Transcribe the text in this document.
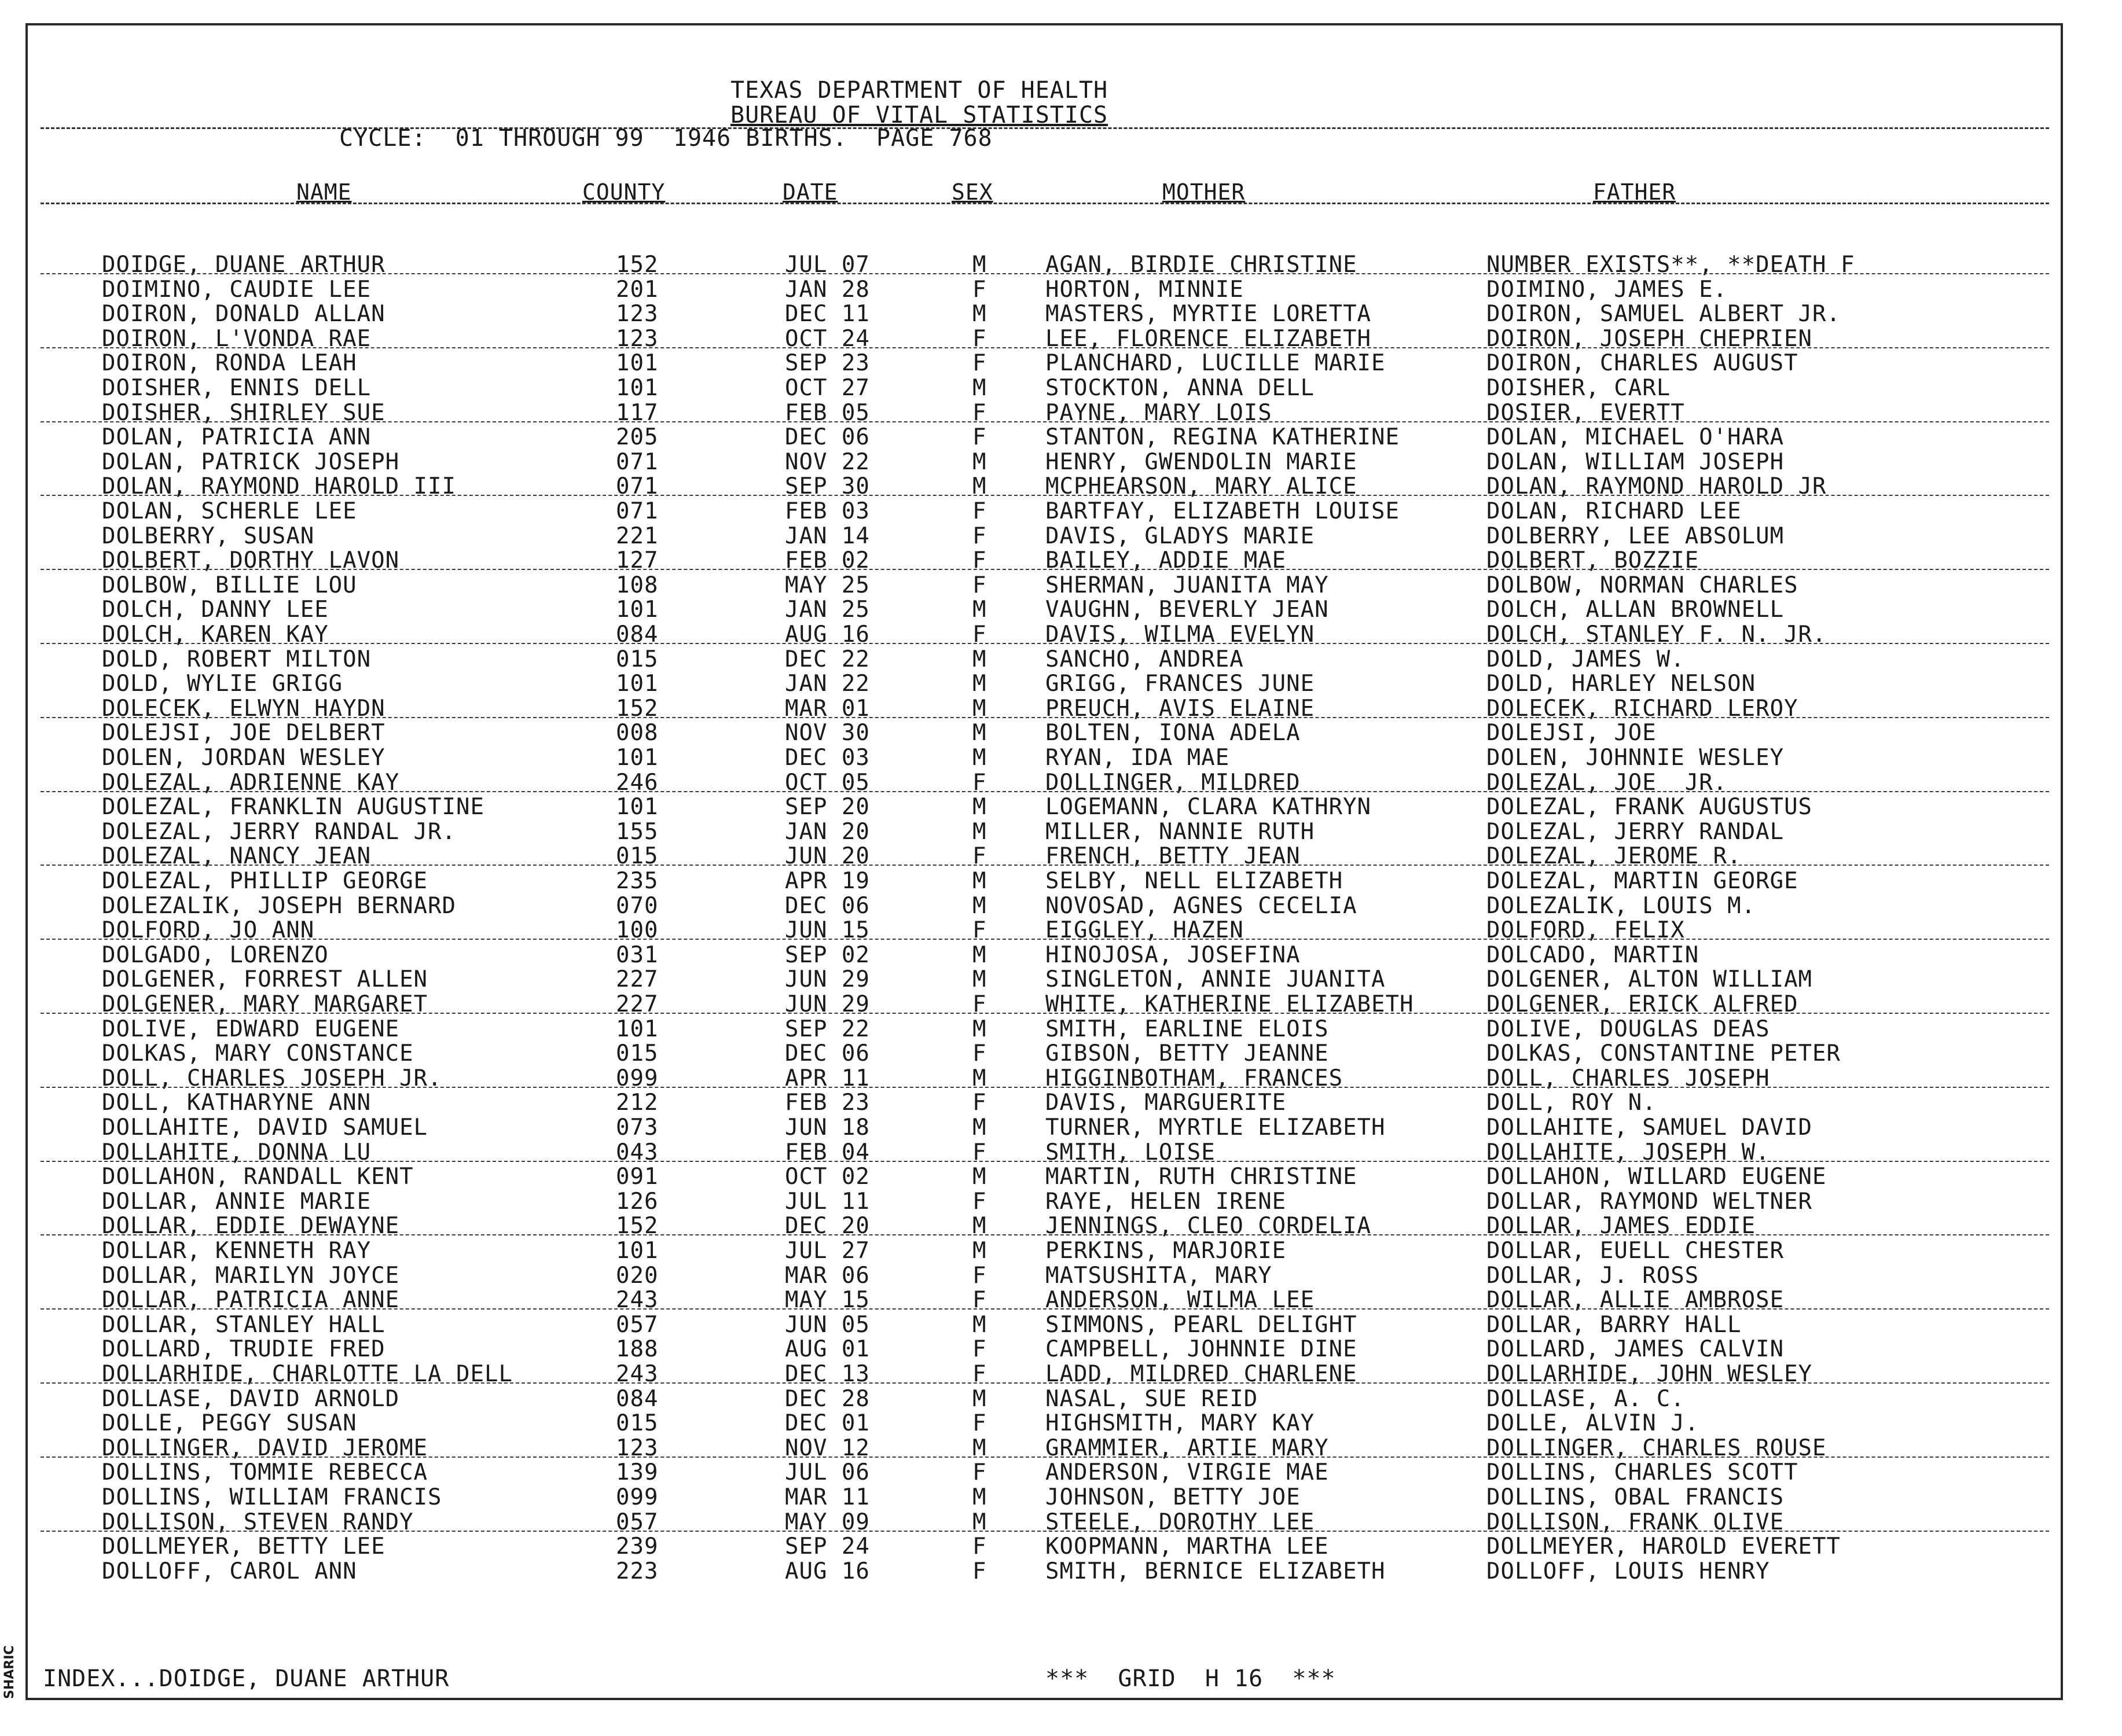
SHARIC
TEXAS DEPARTMENT OF HEALTH
BUREAU OF VITAL STATISTICS
CYCLE:  01 THROUGH 99  1946 BIRTHS.  PAGE 768
NAME	COUNTY	DATE	SEX	MOTHER	FATHER
DOIDGE, DUANE ARTHUR	152	JUL 07	M	AGAN, BIRDIE CHRISTINE	NUMBER EXISTS**, **DEATH F
DOIMINO, CAUDIE LEE	201	JAN 28	F	HORTON, MINNIE	DOIMINO, JAMES E.
DOIRON, DONALD ALLAN	123	DEC 11	M	MASTERS, MYRTIE LORETTA	DOIRON, SAMUEL ALBERT JR.
DOIRON, L'VONDA RAE	123	OCT 24	F	LEE, FLORENCE ELIZABETH	DOIRON, JOSEPH CHEPRIEN
DOIRON, RONDA LEAH	101	SEP 23	F	PLANCHARD, LUCILLE MARIE	DOIRON, CHARLES AUGUST
DOISHER, ENNIS DELL	101	OCT 27	M	STOCKTON, ANNA DELL	DOISHER, CARL
DOISHER, SHIRLEY SUE	117	FEB 05	F	PAYNE, MARY LOIS	DOSIER, EVERTT
DOLAN, PATRICIA ANN	205	DEC 06	F	STANTON, REGINA KATHERINE	DOLAN, MICHAEL O'HARA
DOLAN, PATRICK JOSEPH	071	NOV 22	M	HENRY, GWENDOLIN MARIE	DOLAN, WILLIAM JOSEPH
DOLAN, RAYMOND HAROLD III	071	SEP 30	M	MCPHEARSON, MARY ALICE	DOLAN, RAYMOND HAROLD JR
DOLAN, SCHERLE LEE	071	FEB 03	F	BARTFAY, ELIZABETH LOUISE	DOLAN, RICHARD LEE
DOLBERRY, SUSAN	221	JAN 14	F	DAVIS, GLADYS MARIE	DOLBERRY, LEE ABSOLUM
DOLBERT, DORTHY LAVON	127	FEB 02	F	BAILEY, ADDIE MAE	DOLBERT, BOZZIE
DOLBOW, BILLIE LOU	108	MAY 25	F	SHERMAN, JUANITA MAY	DOLBOW, NORMAN CHARLES
DOLCH, DANNY LEE	101	JAN 25	M	VAUGHN, BEVERLY JEAN	DOLCH, ALLAN BROWNELL
DOLCH, KAREN KAY	084	AUG 16	F	DAVIS, WILMA EVELYN	DOLCH, STANLEY F. N. JR.
DOLD, ROBERT MILTON	015	DEC 22	M	SANCHO, ANDREA	DOLD, JAMES W.
DOLD, WYLIE GRIGG	101	JAN 22	M	GRIGG, FRANCES JUNE	DOLD, HARLEY NELSON
DOLECEK, ELWYN HAYDN	152	MAR 01	M	PREUCH, AVIS ELAINE	DOLECEK, RICHARD LEROY
DOLEJSI, JOE DELBERT	008	NOV 30	M	BOLTEN, IONA ADELA	DOLEJSI, JOE
DOLEN, JORDAN WESLEY	101	DEC 03	M	RYAN, IDA MAE	DOLEN, JOHNNIE WESLEY
DOLEZAL, ADRIENNE KAY	246	OCT 05	F	DOLLINGER, MILDRED	DOLEZAL, JOE  JR.
DOLEZAL, FRANKLIN AUGUSTINE	101	SEP 20	M	LOGEMANN, CLARA KATHRYN	DOLEZAL, FRANK AUGUSTUS
DOLEZAL, JERRY RANDAL JR.	155	JAN 20	M	MILLER, NANNIE RUTH	DOLEZAL, JERRY RANDAL
DOLEZAL, NANCY JEAN	015	JUN 20	F	FRENCH, BETTY JEAN	DOLEZAL, JEROME R.
DOLEZAL, PHILLIP GEORGE	235	APR 19	M	SELBY, NELL ELIZABETH	DOLEZAL, MARTIN GEORGE
DOLEZALIK, JOSEPH BERNARD	070	DEC 06	M	NOVOSAD, AGNES CECELIA	DOLEZALIK, LOUIS M.
DOLFORD, JO ANN	100	JUN 15	F	EIGGLEY, HAZEN	DOLFORD, FELIX
DOLGADO, LORENZO	031	SEP 02	M	HINOJOSA, JOSEFINA	DOLCADO, MARTIN
DOLGENER, FORREST ALLEN	227	JUN 29	M	SINGLETON, ANNIE JUANITA	DOLGENER, ALTON WILLIAM
DOLGENER, MARY MARGARET	227	JUN 29	F	WHITE, KATHERINE ELIZABETH	DOLGENER, ERICK ALFRED
DOLIVE, EDWARD EUGENE	101	SEP 22	M	SMITH, EARLINE ELOIS	DOLIVE, DOUGLAS DEAS
DOLKAS, MARY CONSTANCE	015	DEC 06	F	GIBSON, BETTY JEANNE	DOLKAS, CONSTANTINE PETER
DOLL, CHARLES JOSEPH JR.	099	APR 11	M	HIGGINBOTHAM, FRANCES	DOLL, CHARLES JOSEPH
DOLL, KATHARYNE ANN	212	FEB 23	F	DAVIS, MARGUERITE	DOLL, ROY N.
DOLLAHITE, DAVID SAMUEL	073	JUN 18	M	TURNER, MYRTLE ELIZABETH	DOLLAHITE, SAMUEL DAVID
DOLLAHITE, DONNA LU	043	FEB 04	F	SMITH, LOISE	DOLLAHITE, JOSEPH W.
DOLLAHON, RANDALL KENT	091	OCT 02	M	MARTIN, RUTH CHRISTINE	DOLLAHON, WILLARD EUGENE
DOLLAR, ANNIE MARIE	126	JUL 11	F	RAYE, HELEN IRENE	DOLLAR, RAYMOND WELTNER
DOLLAR, EDDIE DEWAYNE	152	DEC 20	M	JENNINGS, CLEO CORDELIA	DOLLAR, JAMES EDDIE
DOLLAR, KENNETH RAY	101	JUL 27	M	PERKINS, MARJORIE	DOLLAR, EUELL CHESTER
DOLLAR, MARILYN JOYCE	020	MAR 06	F	MATSUSHITA, MARY	DOLLAR, J. ROSS
DOLLAR, PATRICIA ANNE	243	MAY 15	F	ANDERSON, WILMA LEE	DOLLAR, ALLIE AMBROSE
DOLLAR, STANLEY HALL	057	JUN 05	M	SIMMONS, PEARL DELIGHT	DOLLAR, BARRY HALL
DOLLARD, TRUDIE FRED	188	AUG 01	F	CAMPBELL, JOHNNIE DINE	DOLLARD, JAMES CALVIN
DOLLARHIDE, CHARLOTTE LA DELL	243	DEC 13	F	LADD, MILDRED CHARLENE	DOLLARHIDE, JOHN WESLEY
DOLLASE, DAVID ARNOLD	084	DEC 28	M	NASAL, SUE REID	DOLLASE, A. C.
DOLLE, PEGGY SUSAN	015	DEC 01	F	HIGHSMITH, MARY KAY	DOLLE, ALVIN J.
DOLLINGER, DAVID JEROME	123	NOV 12	M	GRAMMIER, ARTIE MARY	DOLLINGER, CHARLES ROUSE
DOLLINS, TOMMIE REBECCA	139	JUL 06	F	ANDERSON, VIRGIE MAE	DOLLINS, CHARLES SCOTT
DOLLINS, WILLIAM FRANCIS	099	MAR 11	M	JOHNSON, BETTY JOE	DOLLINS, OBAL FRANCIS
DOLLISON, STEVEN RANDY	057	MAY 09	M	STEELE, DOROTHY LEE	DOLLISON, FRANK OLIVE
DOLLMEYER, BETTY LEE	239	SEP 24	F	KOOPMANN, MARTHA LEE	DOLLMEYER, HAROLD EVERETT
DOLLOFF, CAROL ANN	223	AUG 16	F	SMITH, BERNICE ELIZABETH	DOLLOFF, LOUIS HENRY
INDEX...DOIDGE, DUANE ARTHUR	***  GRID  H 16  ***
